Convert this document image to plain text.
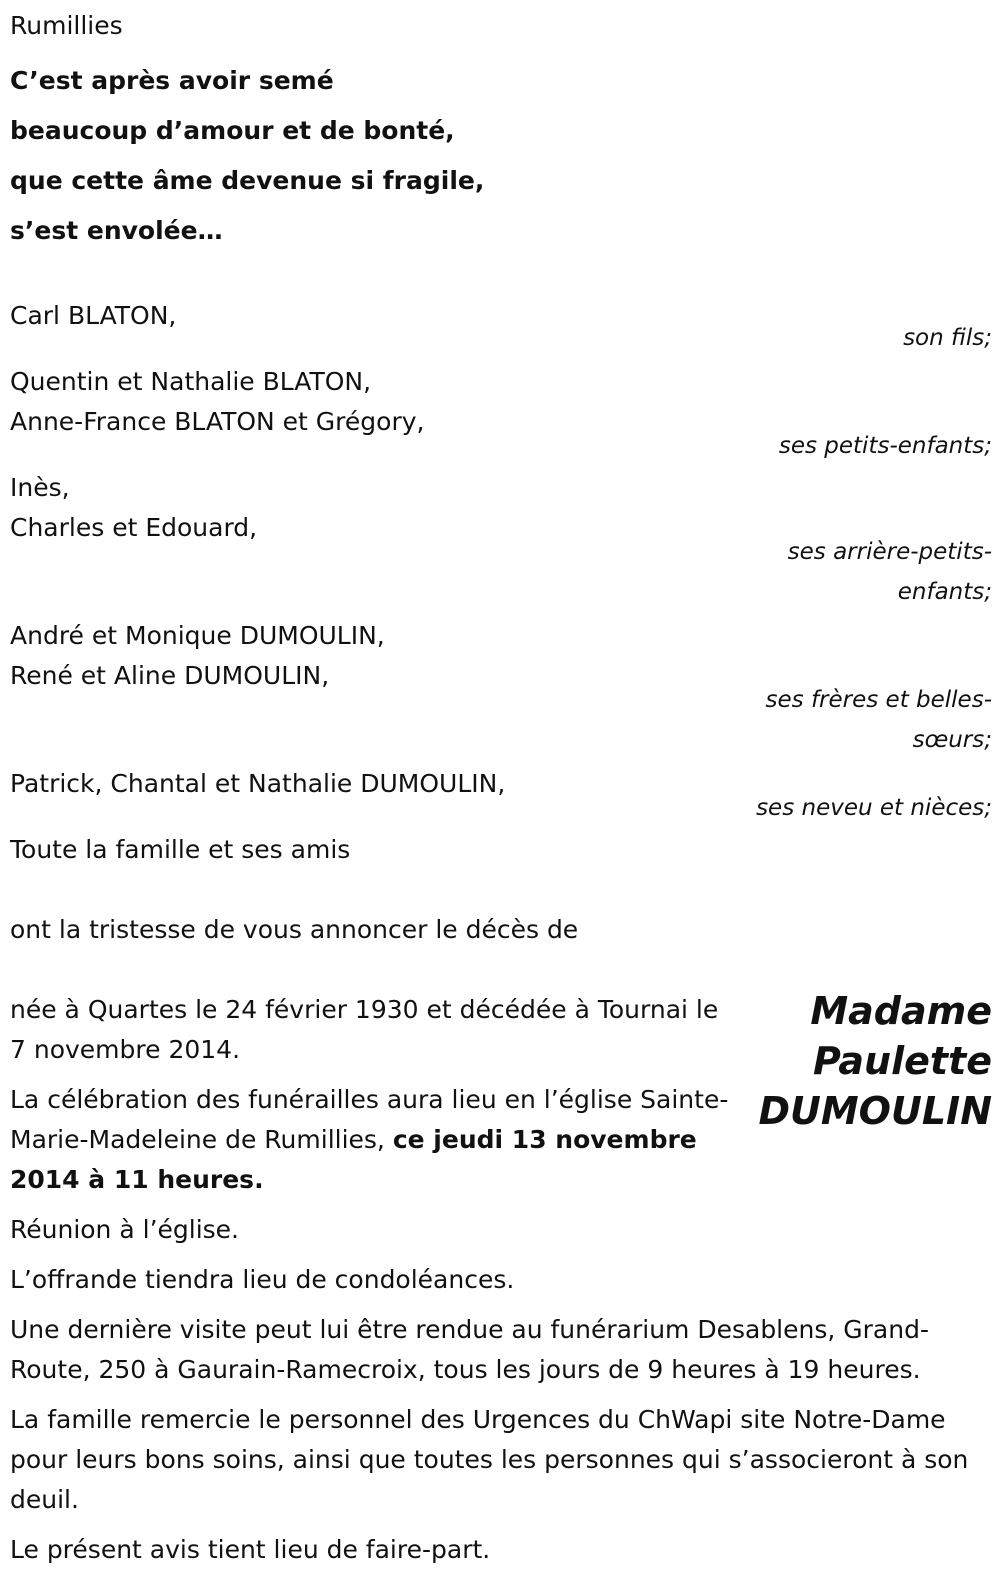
Rumillies
C’est après avoir semé
beaucoup d’amour et de bonté,
que cette âme devenue si fragile,
s’est envolée…
Carl BLATON,
son fils;
Quentin et Nathalie BLATON,
Anne-France BLATON et Grégory,
ses petits-enfants;
Inès,
Charles et Edouard,
ses arrière-petits-enfants;
André et Monique DUMOULIN,
René et Aline DUMOULIN,
ses frères et belles-sœurs;
Patrick, Chantal et Nathalie DUMOULIN,
ses neveu et nièces;
Toute la famille et ses amis
ont la tristesse de vous annoncer le décès de
Madame
Paulette
DUMOULIN

née à Quartes le 24 février 1930 et décédée à Tournai le 7 novembre 2014.

La célébration des funérailles aura lieu en l’église Sainte-Marie-Madeleine de Rumillies, ce jeudi 13 novembre 2014 à 11 heures.

Réunion à l’église.

L’offrande tiendra lieu de condoléances.

Une dernière visite peut lui être rendue au funérarium Desablens, Grand-Route, 250 à Gaurain-Ramecroix, tous les jours de 9 heures à 19 heures.

La famille remercie le personnel des Urgences du ChWapi site Notre-Dame pour leurs bons soins, ainsi que toutes les personnes qui s’associeront à son deuil.

Le présent avis tient lieu de faire-part.
